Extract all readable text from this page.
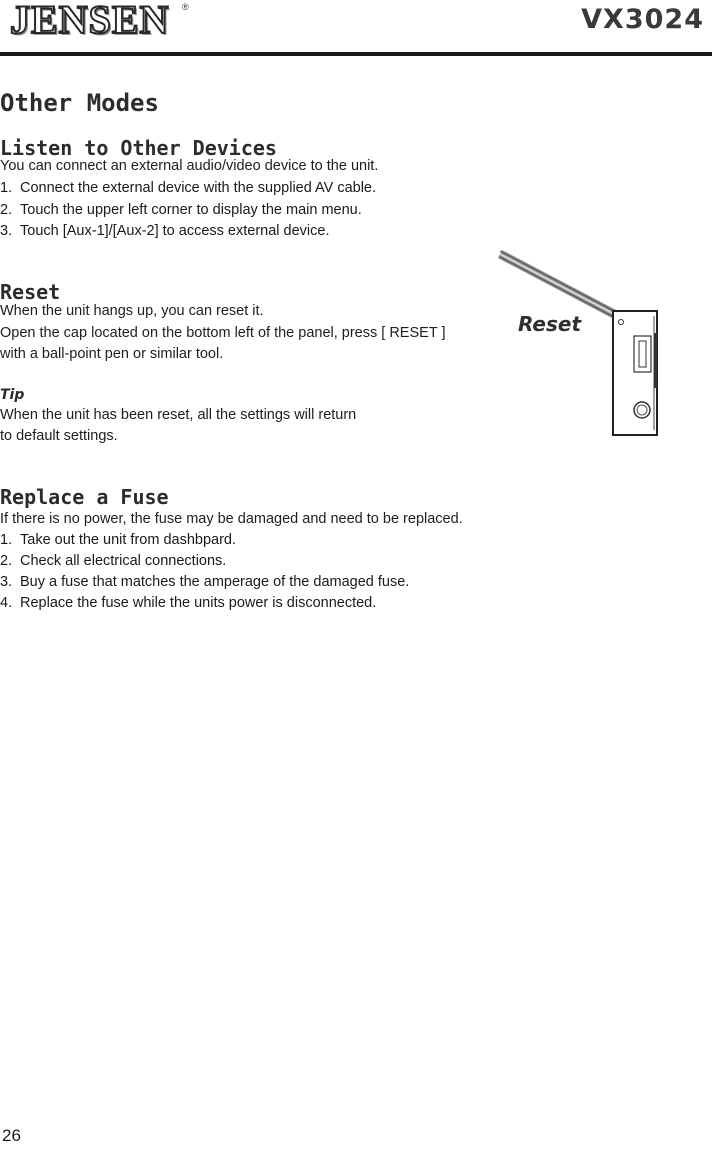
JENSEN ®	VX3024
Other Modes
Listen to Other Devices

You can connect an external audio/video device to the unit.

1. Connect the external device with the supplied AV cable.
2. Touch the upper left corner to display the main menu.
3. Touch [Aux-1]/[Aux-2] to access external device.
Reset

When the unit hangs up, you can reset it.

Open the cap located on the bottom left of the panel, press [ RESET ]

with a ball-point pen or similar tool.

Tip

When the unit has been reset, all the settings will return

to default settings.

Reset
Replace a Fuse

If there is no power, the fuse may be damaged and need to be replaced.

1. Take out the unit from dashbpard.
2. Check all electrical connections.
3. Buy a fuse that matches the amperage of the damaged fuse.
4. Replace the fuse while the units power is disconnected.
26
